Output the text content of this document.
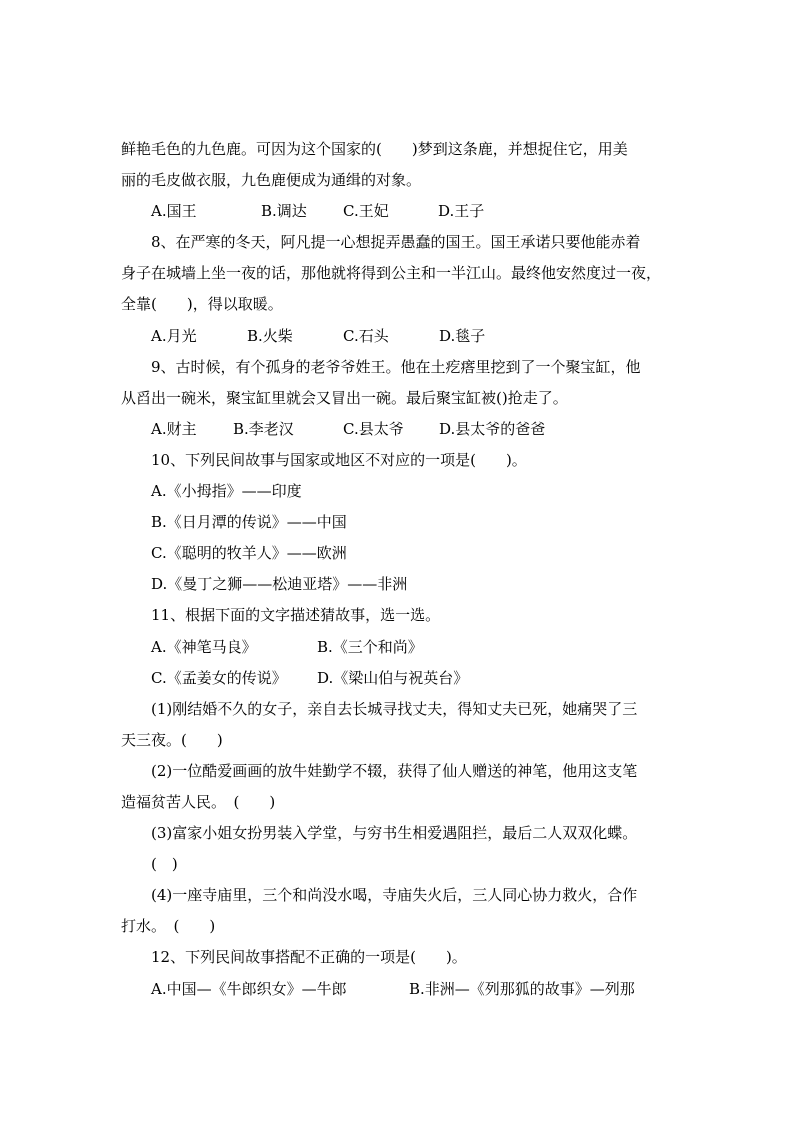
鲜艳毛色的九色鹿。可因为这个国家的(　　)梦到这条鹿，并想捉住它，用美
丽的毛皮做衣服，九色鹿便成为通缉的对象。
A.国王	B.调达 C.王妃	D.王子
8、在严寒的冬天，阿凡提一心想捉弄愚蠢的国王。国王承诺只要他能赤着
身子在城墙上坐一夜的话，那他就将得到公主和一半江山。最终他安然度过一夜，
全靠(　　)，得以取暖。
A.月光	B.火柴	C.石头	D.毯子
9、古时候，有个孤身的老爷爷姓王。他在土疙瘩里挖到了一个聚宝缸，他
从舀出一碗米，聚宝缸里就会又冒出一碗。最后聚宝缸被()抢走了。
A.财主 B.李老汉	C.县太爷 D.县太爷的爸爸
10、下列民间故事与国家或地区不对应的一项是(　　)。
A.《小拇指》——印度
B.《日月潭的传说》——中国
C.《聪明的牧羊人》——欧洲
D.《曼丁之狮——松迪亚塔》——非洲
11、根据下面的文字描述猜故事，选一选。
A.《神笔马良》	B.《三个和尚》
C.《孟姜女的传说》 D.《梁山伯与祝英台》
(1)刚结婚不久的女子，亲自去长城寻找丈夫，得知丈夫已死，她痛哭了三
天三夜。(　　)
(2)一位酷爱画画的放牛娃勤学不辍，获得了仙人赠送的神笔，他用这支笔
造福贫苦人民。　(　　)
(3)富家小姐女扮男装入学堂，与穷书生相爱遇阻拦，最后二人双双化蝶。
(　)
(4)一座寺庙里，三个和尚没水喝，寺庙失火后，三人同心协力救火，合作
打水。　(　　)
12、下列民间故事搭配不正确的一项是(　　)。
A.中国—《牛郎织女》—牛郎	B.非洲—《列那狐的故事》—列那
